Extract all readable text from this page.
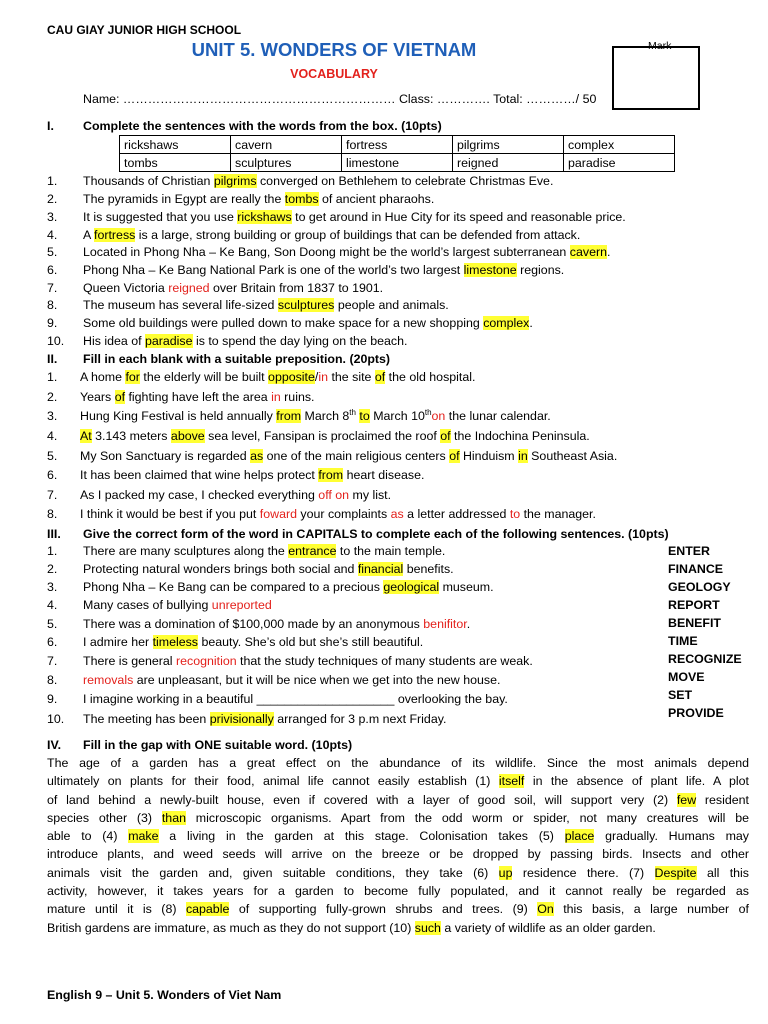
CAU GIAY JUNIOR HIGH SCHOOL
UNIT 5. WONDERS OF VIETNAM
VOCABULARY
Mark
Name: ………………………………………………………… Class: …………. Total: …………/ 50
I. Complete the sentences with the words from the box. (10pts)
rickshaws	cavern	fortress	pilgrims	complex
tombs	sculptures	limestone	reigned	paradise
1. Thousands of Christian pilgrims converged on Bethlehem to celebrate Christmas Eve.
2. The pyramids in Egypt are really the tombs of ancient pharaohs.
3. It is suggested that you use rickshaws to get around in Hue City for its speed and reasonable price.
4. A fortress is a large, strong building or group of buildings that can be defended from attack.
5. Located in Phong Nha – Ke Bang, Son Doong might be the world’s largest subterranean cavern.
6. Phong Nha – Ke Bang National Park is one of the world’s two largest limestone regions.
7. Queen Victoria reigned over Britain from 1837 to 1901.
8. The museum has several life-sized sculptures people and animals.
9. Some old buildings were pulled down to make space for a new shopping complex.
10. His idea of paradise is to spend the day lying on the beach.
II. Fill in each blank with a suitable preposition. (20pts)
1. A home for the elderly will be built opposite/in the site of the old hospital.
2. Years of fighting have left the area in ruins.
3. Hung King Festival is held annually from March 8th to March 10thon the lunar calendar.
4. At 3.143 meters above sea level, Fansipan is proclaimed the roof of the Indochina Peninsula.
5. My Son Sanctuary is regarded as one of the main religious centers of Hinduism in Southeast Asia.
6. It has been claimed that wine helps protect from heart disease.
7. As I packed my case, I checked everything off on my list.
8. I think it would be best if you put foward your complaints as a letter addressed to the manager.
III. Give the correct form of the word in CAPITALS to complete each of the following sentences. (10pts)
1. There are many sculptures along the entrance to the main temple.
2. Protecting natural wonders brings both social and financial benefits.
3. Phong Nha – Ke Bang can be compared to a precious geological museum.
4. Many cases of bullying unreported
5. There was a domination of $100,000 made by an anonymous benifitor.
6. I admire her timeless beauty. She’s old but she’s still beautiful.
7. There is general recognition that the study techniques of many students are weak.
8. removals are unpleasant, but it will be nice when we get into the new house.
9. I imagine working in a beautiful ____________________ overlooking the bay.
10. The meeting has been privisionally arranged for 3 p.m next Friday.
ENTER
FINANCE
GEOLOGY
REPORT
BENEFIT
TIME
RECOGNIZE
MOVE
SET
PROVIDE
IV. Fill in the gap with ONE suitable word. (10pts)
The age of a garden has a great effect on the abundance of its wildlife. Since the most animals depend
ultimately on plants for their food, animal life cannot easily establish (1) itself in the absence of plant life. A plot
of land behind a newly-built house, even if covered with a layer of good soil, will support very (2) few resident
species other (3) than microscopic organisms. Apart from the odd worm or spider, not many creatures will be
able to (4) make a living in the garden at this stage. Colonisation takes (5) place gradually. Humans may
introduce plants, and weed seeds will arrive on the breeze or be dropped by passing birds. Insects and other
animals visit the garden and, given suitable conditions, they take (6) up residence there. (7) Despite all this
activity, however, it takes years for a garden to become fully populated, and it cannot really be regarded as
mature until it is (8) capable of supporting fully-grown shrubs and trees. (9) On this basis, a large number of
British gardens are immature, as much as they do not support (10) such a variety of wildlife as an older garden.
English 9 – Unit 5. Wonders of Viet Nam
